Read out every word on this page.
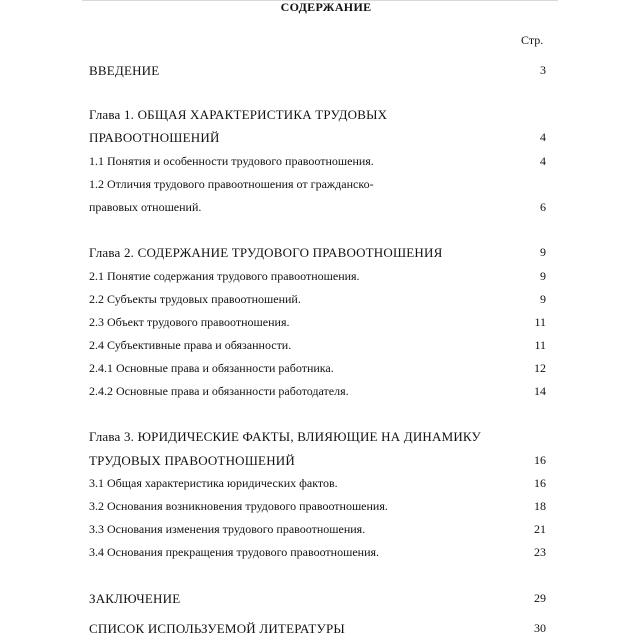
СОДЕРЖАНИЕ
Стр.
ВВЕДЕНИЕ	3
Глава 1. ОБЩАЯ ХАРАКТЕРИСТИКА ТРУДОВЫХ
ПРАВООТНОШЕНИЙ	4
1.1 Понятия и особенности трудового правоотношения.	4
1.2 Отличия трудового правоотношения от гражданско-
правовых отношений.	6
Глава 2. СОДЕРЖАНИЕ ТРУДОВОГО ПРАВООТНОШЕНИЯ	9
2.1 Понятие содержания трудового правоотношения.	9
2.2 Субъекты трудовых правоотношений.	9
2.3 Объект трудового правоотношения.	11
2.4 Субъективные права и обязанности.	11
2.4.1 Основные права и обязанности работника.	12
2.4.2 Основные права и обязанности работодателя.	14
Глава 3. ЮРИДИЧЕСКИЕ ФАКТЫ, ВЛИЯЮЩИЕ НА ДИНАМИКУ
ТРУДОВЫХ ПРАВООТНОШЕНИЙ	16
3.1 Общая характеристика юридических фактов.	16
3.2 Основания возникновения трудового правоотношения.	18
3.3 Основания изменения трудового правоотношения.	21
3.4 Основания прекращения трудового правоотношения.	23
ЗАКЛЮЧЕНИЕ	29
СПИСОК ИСПОЛЬЗУЕМОЙ ЛИТЕРАТУРЫ	30
